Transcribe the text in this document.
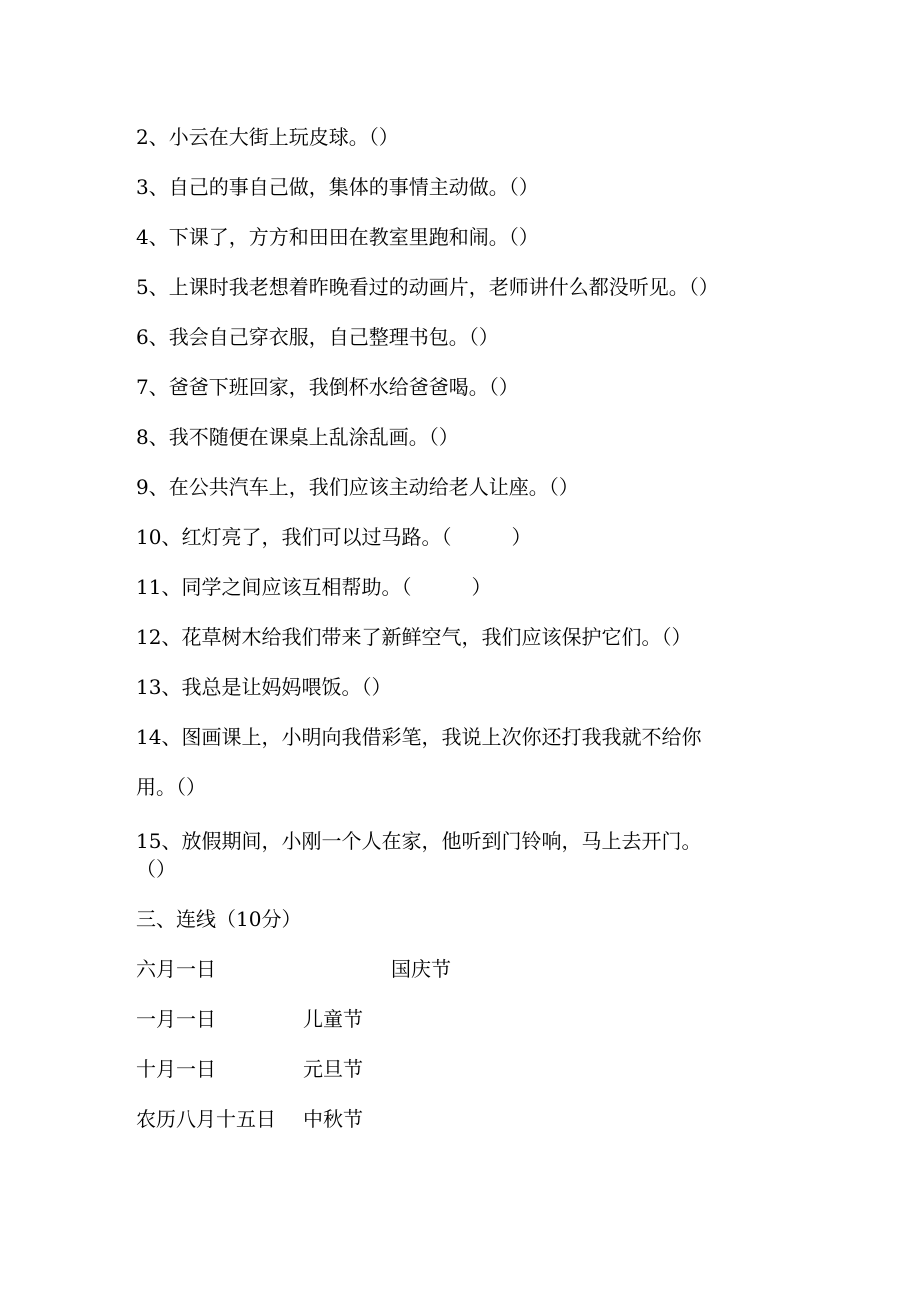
2、小云在大街上玩皮球。（）
3、自己的事自己做，集体的事情主动做。（）
4、下课了，方方和田田在教室里跑和闹。（）
5、上课时我老想着昨晚看过的动画片，老师讲什么都没听见。（）
6、我会自己穿衣服，自己整理书包。（）
7、爸爸下班回家，我倒杯水给爸爸喝。（）
8、我不随便在课桌上乱涂乱画。（）
9、在公共汽车上，我们应该主动给老人让座。（）
10、红灯亮了，我们可以过马路。（　　　）
11、同学之间应该互相帮助。（　　　）
12、花草树木给我们带来了新鲜空气，我们应该保护它们。（）
13、我总是让妈妈喂饭。（）
14、图画课上，小明向我借彩笔，我说上次你还打我我就不给你
用。（）
15、放假期间，小刚一个人在家，他听到门铃响，马上去开门。
（）
三、连线（10分）
六月一日	国庆节
一月一日	儿童节
十月一日	元旦节
农历八月十五日 中秋节
